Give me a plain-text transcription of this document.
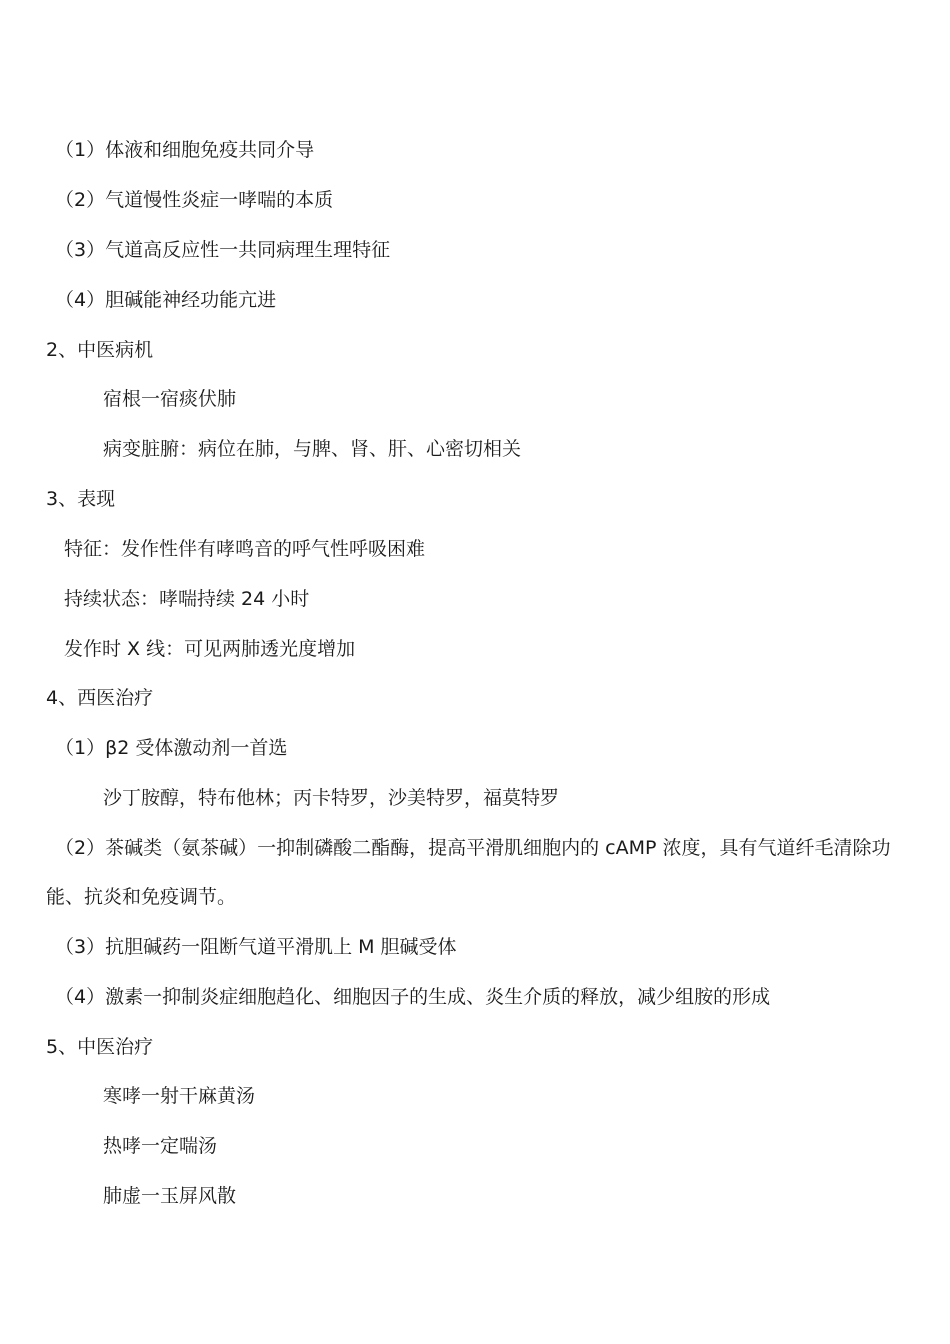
（1）体液和细胞免疫共同介导
（2）气道慢性炎症一哮喘的本质
（3）气道高反应性一共同病理生理特征
（4）胆碱能神经功能亢进
2、中医病机
宿根一宿痰伏肺
病变脏腑：病位在肺，与脾、肾、肝、心密切相关
3、表现
特征：发作性伴有哮鸣音的呼气性呼吸困难
持续状态：哮喘持续 24 小时
发作时 X 线：可见两肺透光度增加
4、西医治疗
（1）β2 受体激动剂一首选
沙丁胺醇，特布他林；丙卡特罗，沙美特罗，福莫特罗
（2）茶碱类（氨茶碱）一抑制磷酸二酯酶，提高平滑肌细胞内的 cAMP 浓度，具有气道纤毛清除功
能、抗炎和免疫调节。
（3）抗胆碱药一阻断气道平滑肌上 M 胆碱受体
（4）激素一抑制炎症细胞趋化、细胞因子的生成、炎生介质的释放，减少组胺的形成
5、中医治疗
寒哮一射干麻黄汤
热哮一定喘汤
肺虚一玉屏风散
